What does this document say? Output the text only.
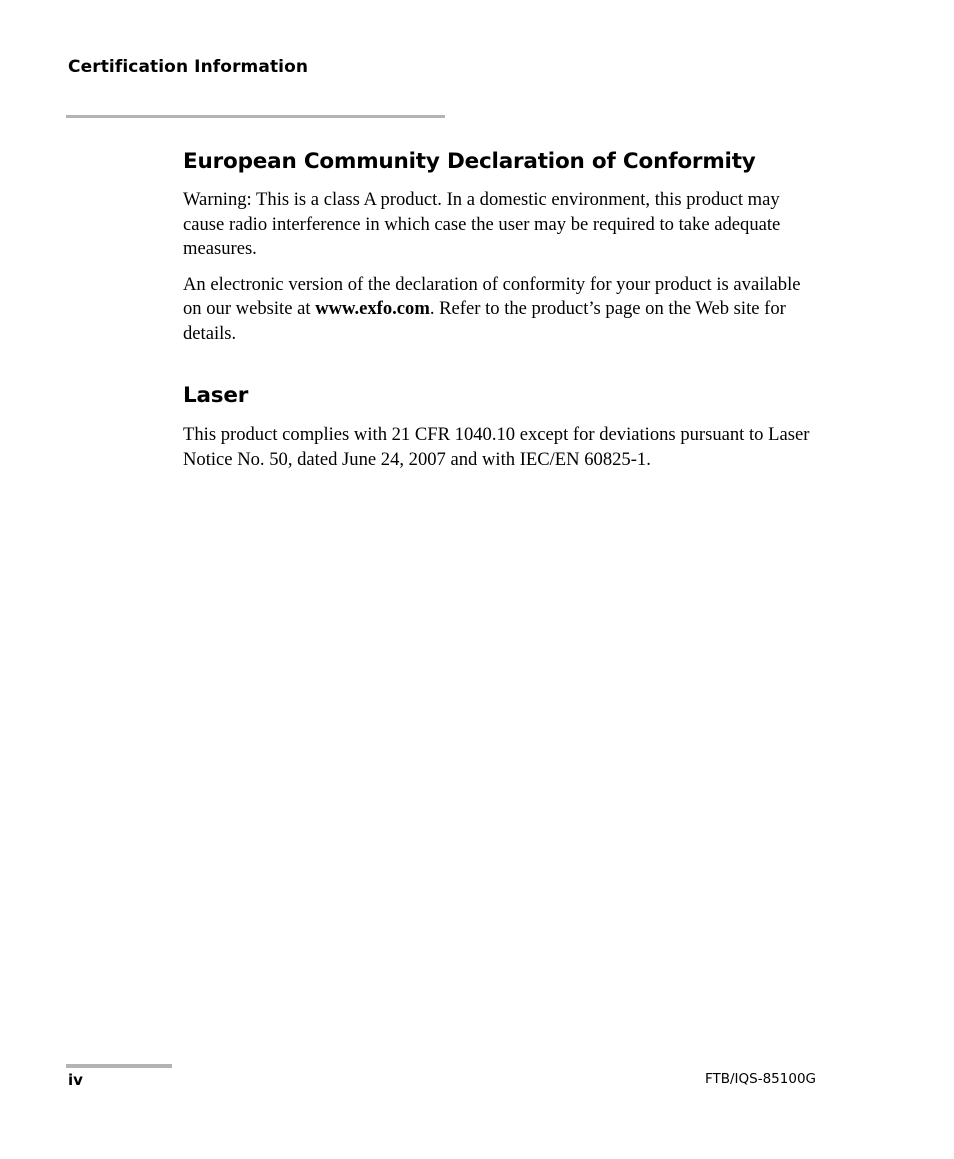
Certification Information
European Community Declaration of Conformity

Warning: This is a class A product. In a domestic environment, this product may cause radio interference in which case the user may be required to take adequate measures.

An electronic version of the declaration of conformity for your product is available on our website at www.exfo.com. Refer to the product’s page on the Web site for details.

Laser

This product complies with 21 CFR 1040.10 except for deviations pursuant to Laser Notice No. 50, dated June 24, 2007 and with IEC/EN 60825-1.

iv	FTB/IQS-85100G
